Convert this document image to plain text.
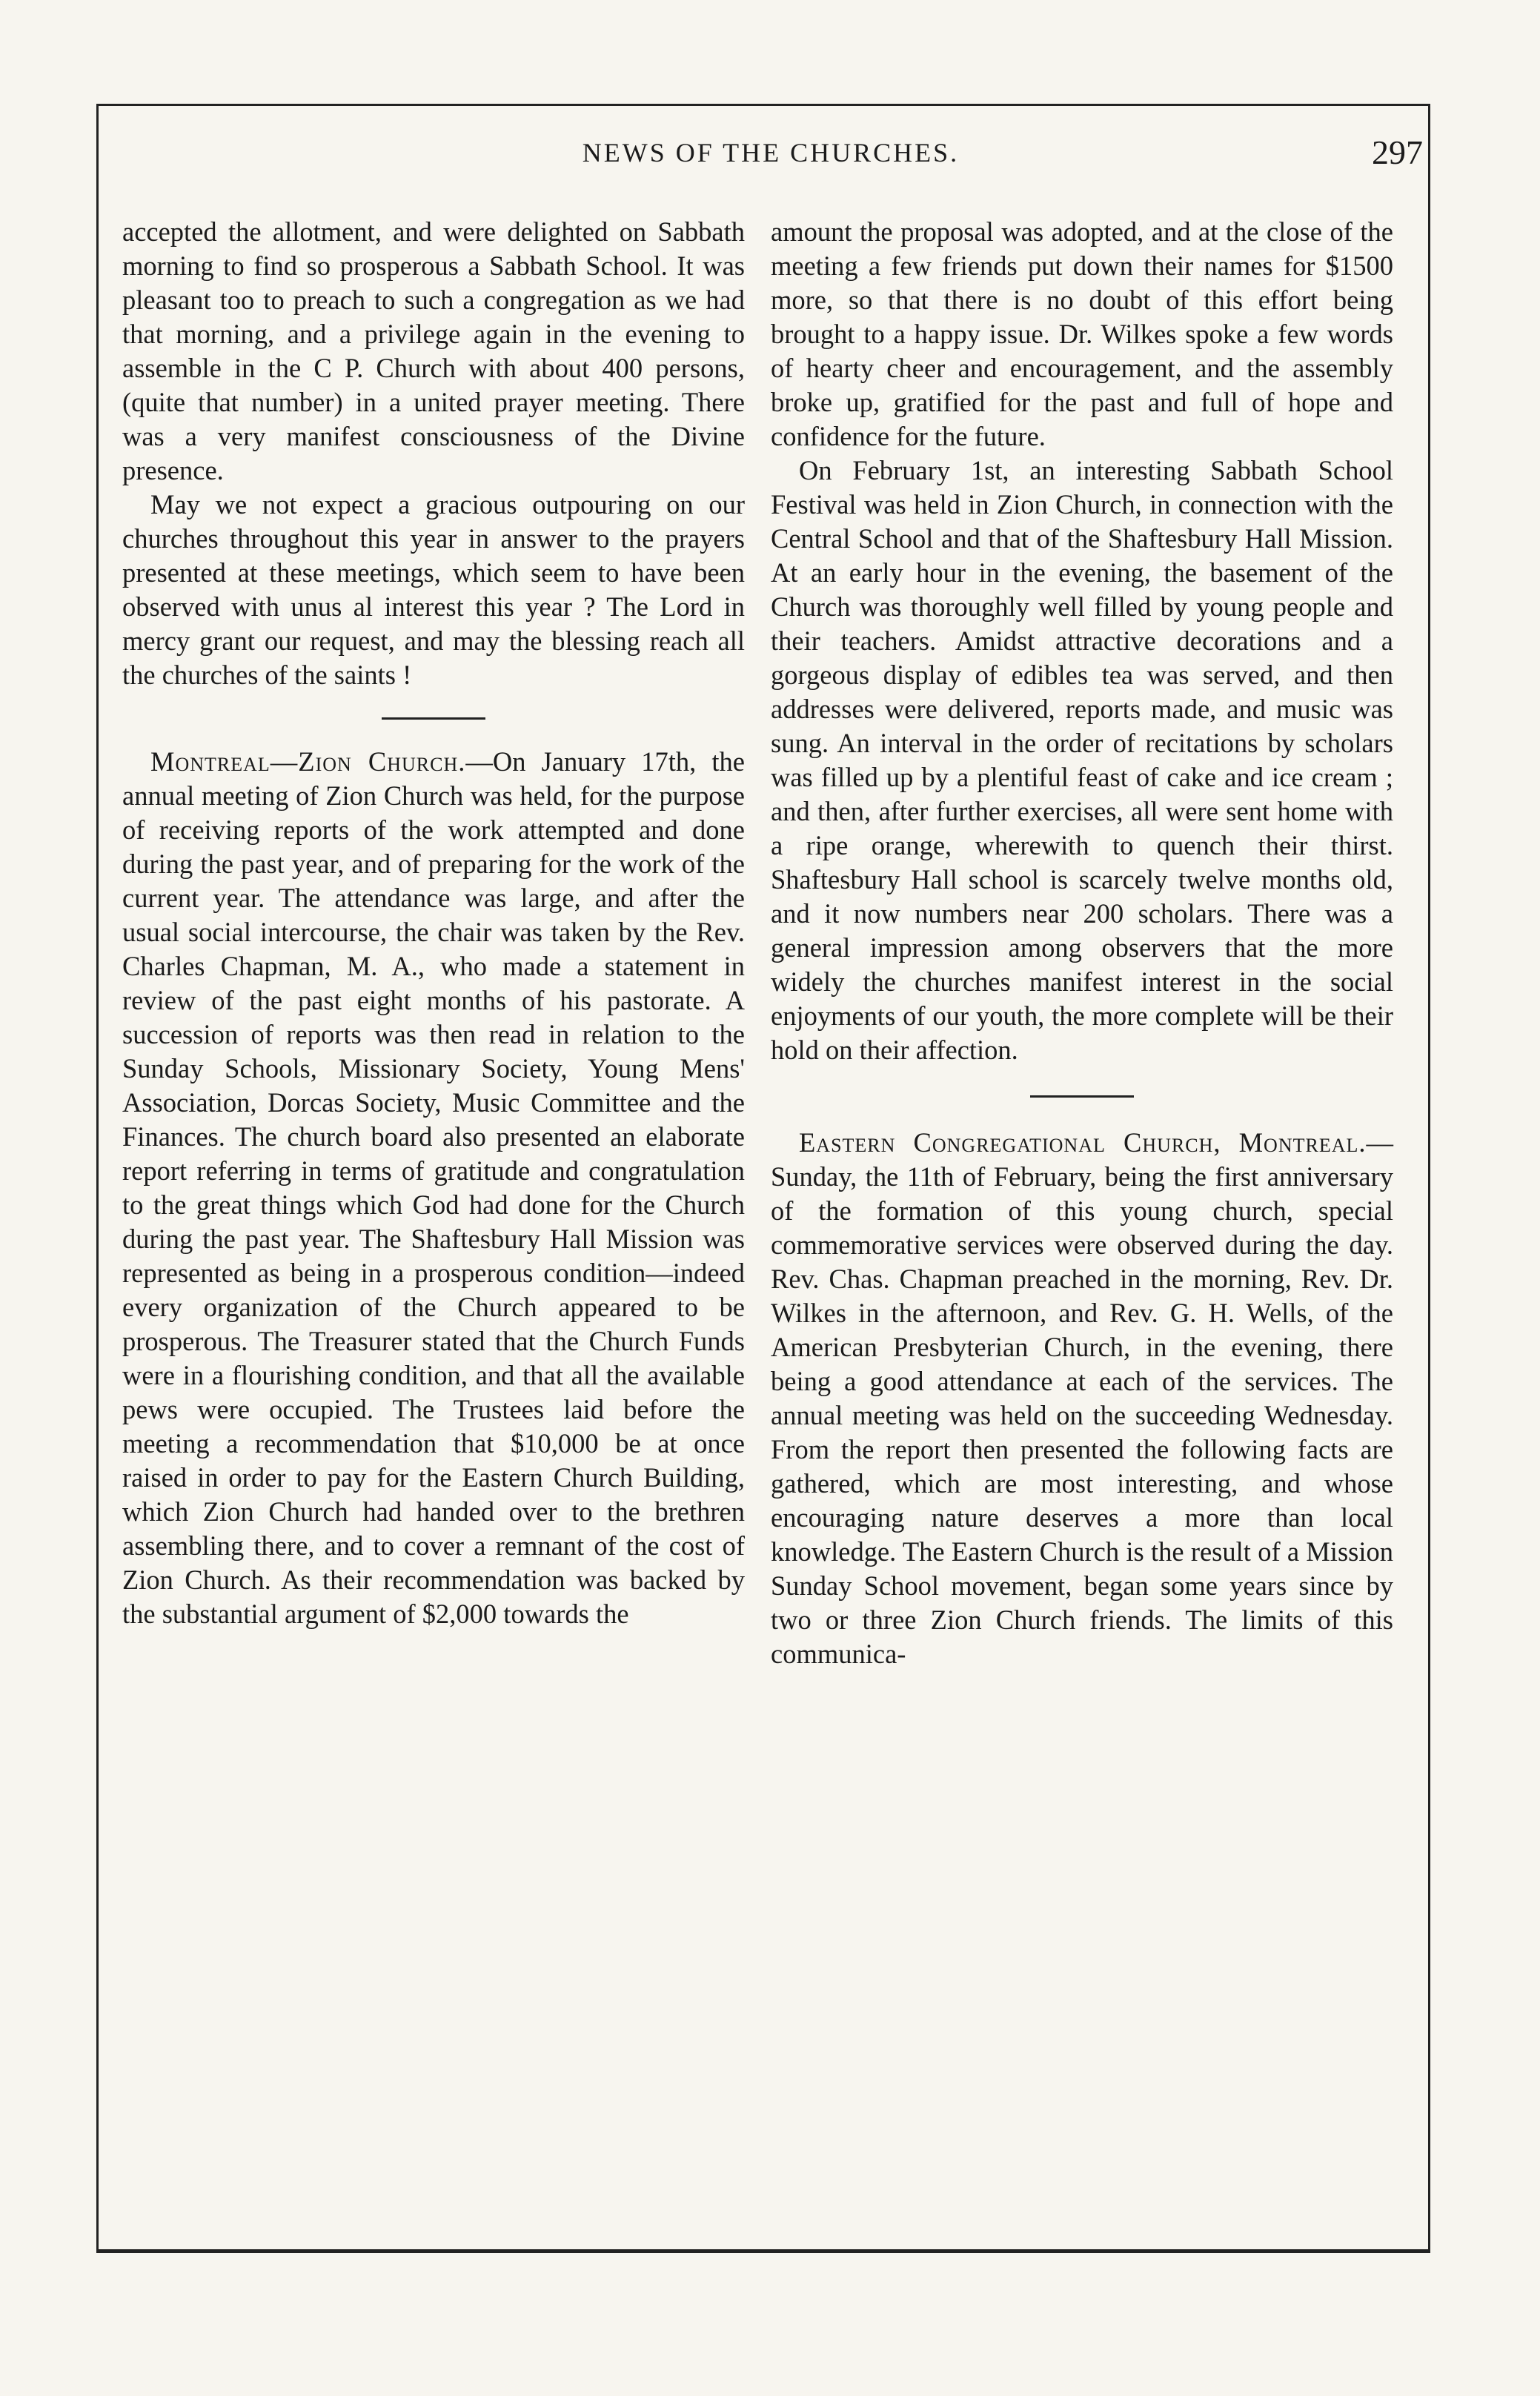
NEWS OF THE CHURCHES.	297

accepted the allotment, and were delighted on Sabbath morning to find so prosperous a Sabbath School. It was pleasant too to preach to such a congregation as we had that morning, and a privilege again in the evening to assemble in the C P. Church with about 400 persons, (quite that number) in a united prayer meeting. There was a very manifest consciousness of the Divine presence.

May we not expect a gracious outpouring on our churches throughout this year in answer to the prayers presented at these meetings, which seem to have been observed with unus al interest this year ? The Lord in mercy grant our request, and may the blessing reach all the churches of the saints !

Montreal—Zion Church.—On January 17th, the annual meeting of Zion Church was held, for the purpose of receiving reports of the work attempted and done during the past year, and of preparing for the work of the current year. The attendance was large, and after the usual social intercourse, the chair was taken by the Rev. Charles Chapman, M. A., who made a statement in review of the past eight months of his pastorate. A succession of reports was then read in relation to the Sunday Schools, Missionary Society, Young Mens' Association, Dorcas Society, Music Committee and the Finances. The church board also presented an elaborate report referring in terms of gratitude and congratulation to the great things which God had done for the Church during the past year. The Shaftesbury Hall Mission was represented as being in a prosperous condition—indeed every organization of the Church appeared to be prosperous. The Treasurer stated that the Church Funds were in a flourishing condition, and that all the available pews were occupied. The Trustees laid before the meeting a recommendation that $10,000 be at once raised in order to pay for the Eastern Church Building, which Zion Church had handed over to the brethren assembling there, and to cover a remnant of the cost of Zion Church. As their recommendation was backed by the substantial argument of $2,000 towards the

amount the proposal was adopted, and at the close of the meeting a few friends put down their names for $1500 more, so that there is no doubt of this effort being brought to a happy issue. Dr. Wilkes spoke a few words of hearty cheer and encouragement, and the assembly broke up, gratified for the past and full of hope and confidence for the future.

On February 1st, an interesting Sabbath School Festival was held in Zion Church, in connection with the Central School and that of the Shaftesbury Hall Mission. At an early hour in the evening, the basement of the Church was thoroughly well filled by young people and their teachers. Amidst attractive decorations and a gorgeous display of edibles tea was served, and then addresses were delivered, reports made, and music was sung. An interval in the order of recitations by scholars was filled up by a plentiful feast of cake and ice cream ; and then, after further exercises, all were sent home with a ripe orange, wherewith to quench their thirst. Shaftesbury Hall school is scarcely twelve months old, and it now numbers near 200 scholars. There was a general impression among observers that the more widely the churches manifest interest in the social enjoyments of our youth, the more complete will be their hold on their affection.

Eastern Congregational Church, Montreal.—Sunday, the 11th of February, being the first anniversary of the formation of this young church, special commemorative services were observed during the day. Rev. Chas. Chapman preached in the morning, Rev. Dr. Wilkes in the afternoon, and Rev. G. H. Wells, of the American Presbyterian Church, in the evening, there being a good attendance at each of the services. The annual meeting was held on the succeeding Wednesday. From the report then presented the following facts are gathered, which are most interesting, and whose encouraging nature deserves a more than local knowledge. The Eastern Church is the result of a Mission Sunday School movement, began some years since by two or three Zion Church friends. The limits of this communica-
